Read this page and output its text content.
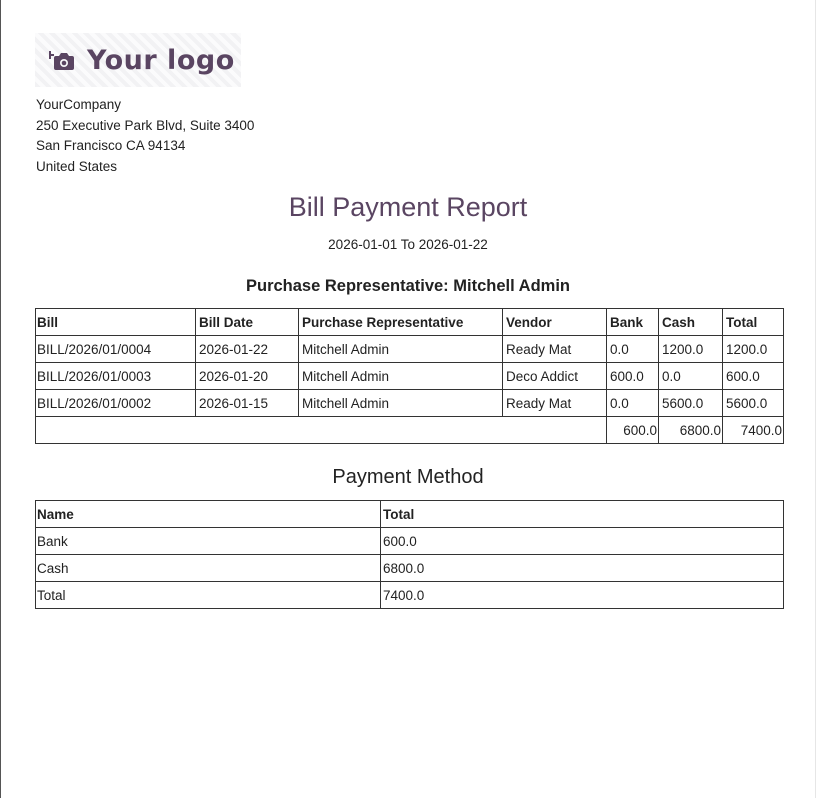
Your logo
YourCompany
250 Executive Park Blvd, Suite 3400
San Francisco CA 94134
United States
Bill Payment Report
2026-01-01 To 2026-01-22
Purchase Representative: Mitchell Admin
Bill	Bill Date	Purchase Representative	Vendor	Bank	Cash	Total
BILL/2026/01/0004	2026-01-22	Mitchell Admin	Ready Mat	0.0	1200.0	1200.0
BILL/2026/01/0003	2026-01-20	Mitchell Admin	Deco Addict	600.0	0.0	600.0
BILL/2026/01/0002	2026-01-15	Mitchell Admin	Ready Mat	0.0	5600.0	5600.0
				600.0	6800.0	7400.0
Payment Method
Name	Total
Bank	600.0
Cash	6800.0
Total	7400.0
